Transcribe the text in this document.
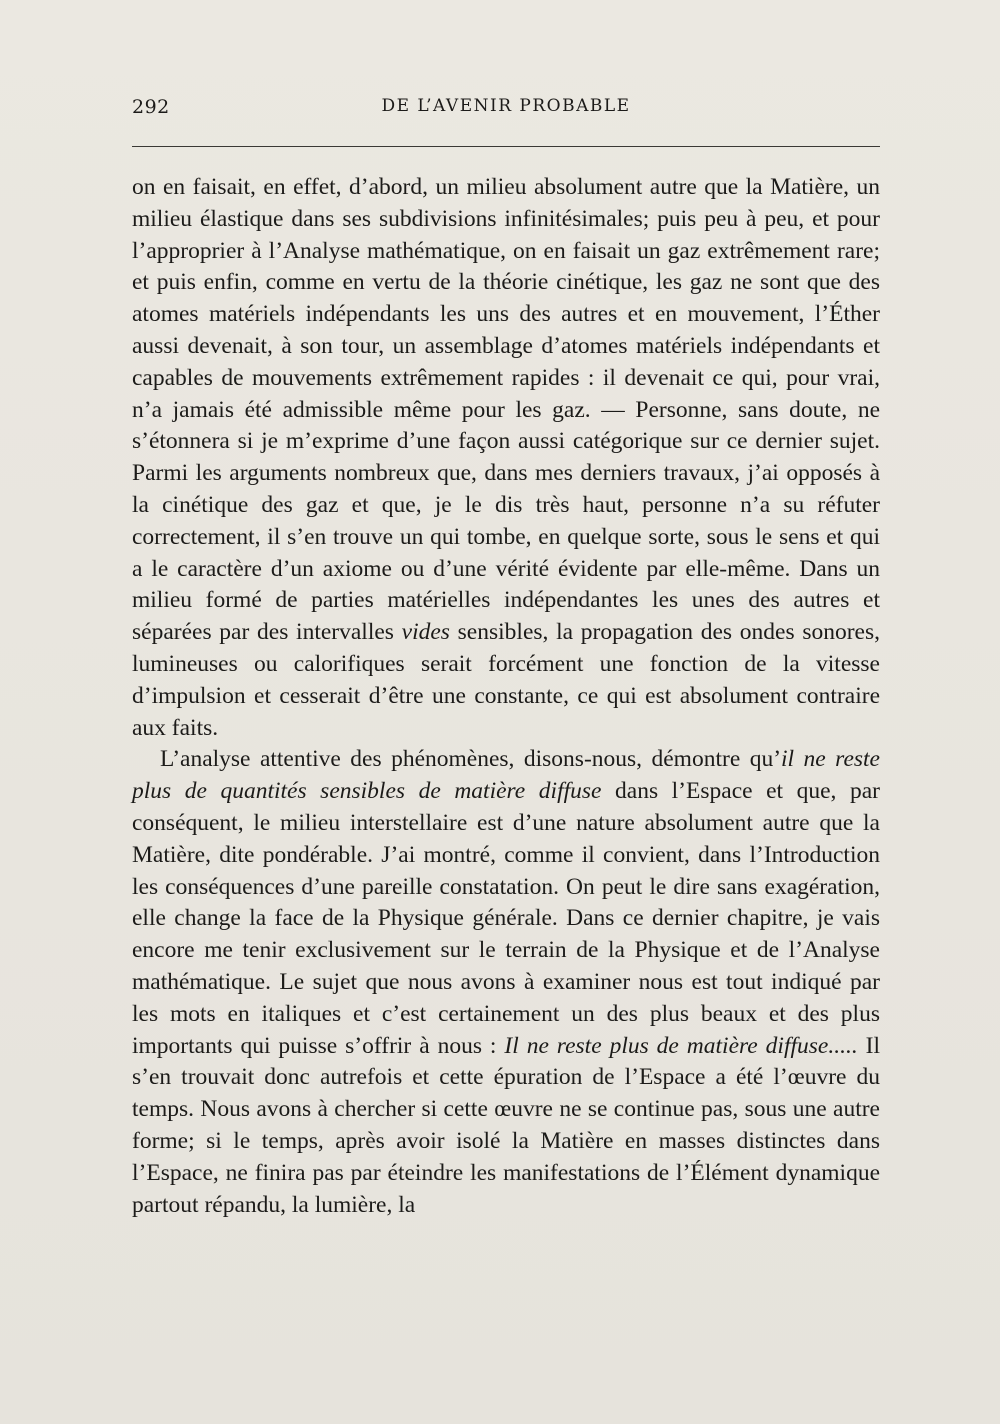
292	DE L’AVENIR PROBABLE

on en faisait, en effet, d’abord, un milieu absolument autre que la Matière, un milieu élastique dans ses subdivisions infinitésimales; puis peu à peu, et pour l’approprier à l’Analyse mathématique, on en faisait un gaz extrêmement rare; et puis enfin, comme en vertu de la théorie cinétique, les gaz ne sont que des atomes matériels indépendants les uns des autres et en mouvement, l’Éther aussi devenait, à son tour, un assemblage d’atomes matériels indépendants et capables de mouvements extrêmement rapides : il devenait ce qui, pour vrai, n’a jamais été admissible même pour les gaz. — Personne, sans doute, ne s’étonnera si je m’exprime d’une façon aussi catégorique sur ce dernier sujet. Parmi les arguments nombreux que, dans mes derniers travaux, j’ai opposés à la cinétique des gaz et que, je le dis très haut, personne n’a su réfuter correctement, il s’en trouve un qui tombe, en quelque sorte, sous le sens et qui a le caractère d’un axiome ou d’une vérité évidente par elle-même. Dans un milieu formé de parties matérielles indépendantes les unes des autres et séparées par des intervalles vides sensibles, la propagation des ondes sonores, lumineuses ou calorifiques serait forcément une fonction de la vitesse d’impulsion et cesserait d’être une constante, ce qui est absolument contraire aux faits.

L’analyse attentive des phénomènes, disons-nous, démontre qu’il ne reste plus de quantités sensibles de matière diffuse dans l’Espace et que, par conséquent, le milieu interstellaire est d’une nature absolument autre que la Matière, dite pondérable. J’ai montré, comme il convient, dans l’Introduction les conséquences d’une pareille constatation. On peut le dire sans exagération, elle change la face de la Physique générale. Dans ce dernier chapitre, je vais encore me tenir exclusivement sur le terrain de la Physique et de l’Analyse mathématique. Le sujet que nous avons à examiner nous est tout indiqué par les mots en italiques et c’est certainement un des plus beaux et des plus importants qui puisse s’offrir à nous : Il ne reste plus de matière diffuse..... Il s’en trouvait donc autrefois et cette épuration de l’Espace a été l’œuvre du temps. Nous avons à chercher si cette œuvre ne se continue pas, sous une autre forme; si le temps, après avoir isolé la Matière en masses distinctes dans l’Espace, ne finira pas par éteindre les manifestations de l’Élément dynamique partout répandu, la lumière, la
